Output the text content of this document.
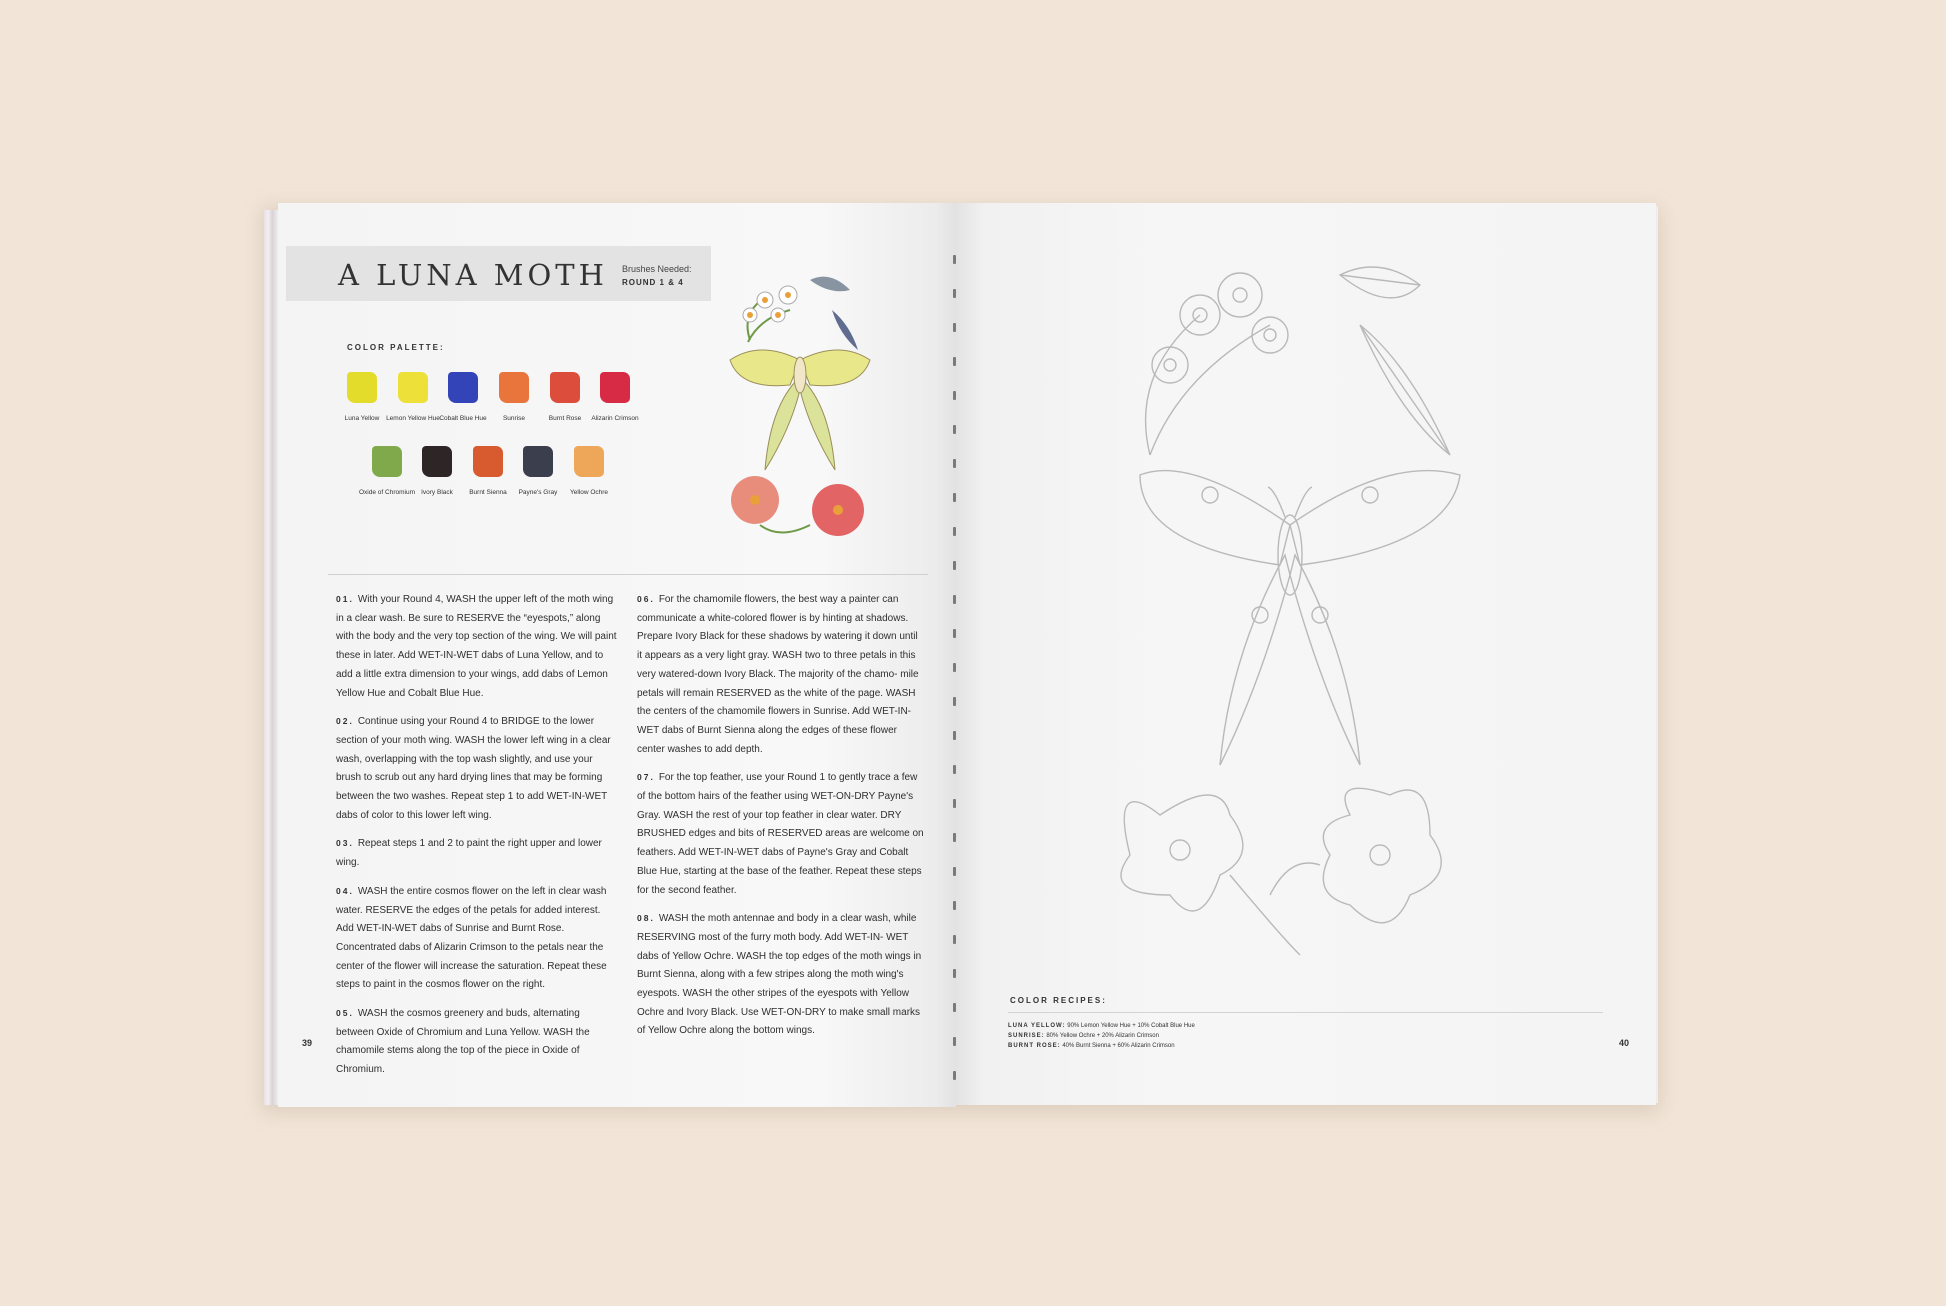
A LUNA MOTH Brushes Needed:
ROUND 1 & 4
COLOR PALETTE:
Luna Yellow	Lemon Yellow Hue Cobalt Blue Hue	Sunrise	Burnt Rose	Alizarin Crimson
Oxide of Chromium Ivory Black	Burnt Sienna	Payne's Gray	Yellow Ochre

01. With your Round 4, WASH the upper left of the moth wing in a clear wash. Be sure to RESERVE the “eyespots,” along with the body and the very top section of the wing. We will paint these in later. Add WET-IN-WET dabs of Luna Yellow, and to add a little extra dimension to your wings, add dabs of Lemon Yellow Hue and Cobalt Blue Hue.

02. Continue using your Round 4 to BRIDGE to the lower section of your moth wing. WASH the lower left wing in a clear wash, overlapping with the top wash slightly, and use your brush to scrub out any hard drying lines that may be forming between the two washes. Repeat step 1 to add WET-IN-WET dabs of color to this lower left wing.

03. Repeat steps 1 and 2 to paint the right upper and lower wing.

04. WASH the entire cosmos flower on the left in clear wash water. RESERVE the edges of the petals for added interest. Add WET-IN-WET dabs of Sunrise and Burnt Rose. Concentrated dabs of Alizarin Crimson to the petals near the center of the flower will increase the saturation. Repeat these steps to paint in the cosmos flower on the right.

05. WASH the cosmos greenery and buds, alternating between Oxide of Chromium and Luna Yellow. WASH the chamomile stems along the top of the piece in Oxide of Chromium.

06. For the chamomile flowers, the best way a painter can communicate a white-colored flower is by hinting at shadows. Prepare Ivory Black for these shadows by watering it down until it appears as a very light gray. WASH two to three petals in this very watered-down Ivory Black. The majority of the chamo- mile petals will remain RESERVED as the white of the page. WASH the centers of the chamomile flowers in Sunrise. Add WET-IN-WET dabs of Burnt Sienna along the edges of these flower center washes to add depth.

07. For the top feather, use your Round 1 to gently trace a few of the bottom hairs of the feather using WET-ON-DRY Payne's Gray. WASH the rest of your top feather in clear water. DRY BRUSHED edges and bits of RESERVED areas are welcome on feathers. Add WET-IN-WET dabs of Payne's Gray and Cobalt Blue Hue, starting at the base of the feather. Repeat these steps for the second feather.

08. WASH the moth antennae and body in a clear wash, while RESERVING most of the furry moth body. Add WET-IN- WET dabs of Yellow Ochre. WASH the top edges of the moth wings in Burnt Sienna, along with a few stripes along the moth wing's eyespots. WASH the other stripes of the eyespots with Yellow Ochre and Ivory Black. Use WET-ON-DRY to make small marks of Yellow Ochre along the bottom wings.

39
COLOR RECIPES:
LUNA YELLOW: 90% Lemon Yellow Hue + 10% Cobalt Blue Hue
SUNRISE: 80% Yellow Ochre + 20% Alizarin Crimson
BURNT ROSE: 40% Burnt Sienna + 60% Alizarin Crimson	40
